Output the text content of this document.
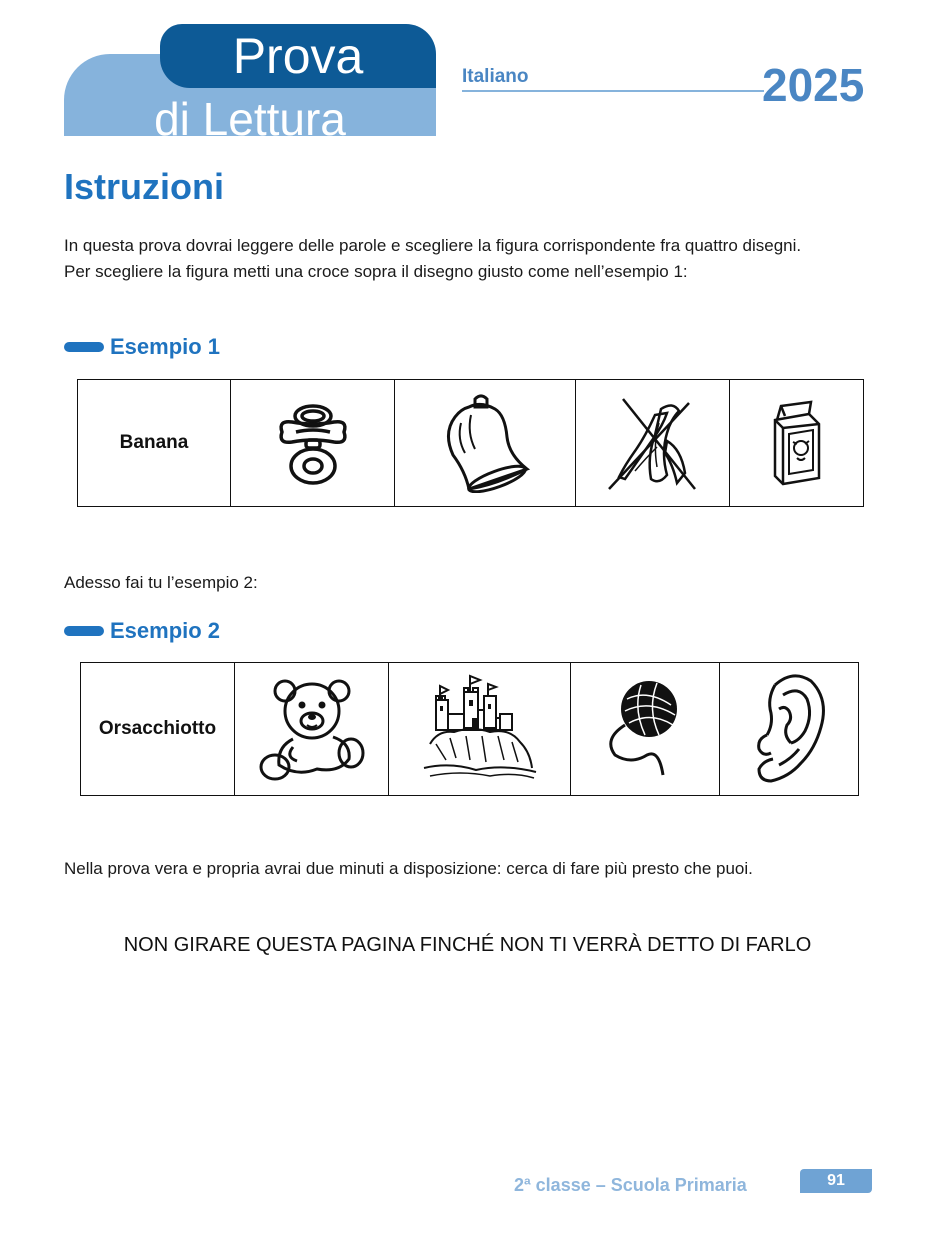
Prova
di Lettura
Italiano	2025
Istruzioni
In questa prova dovrai leggere delle parole e scegliere la figura corrispondente fra quattro disegni.
Per scegliere la figura metti una croce sopra il disegno giusto come nell’esempio 1:
Esempio 1
Banana	

Adesso fai tu l’esempio 2:
Esempio 2
Orsacchiotto	

Nella prova vera e propria avrai due minuti a disposizione: cerca di fare più presto che puoi.
NON GIRARE QUESTA PAGINA FINCHÉ NON TI VERRÀ DETTO DI FARLO
2ª classe – Scuola Primaria	91
